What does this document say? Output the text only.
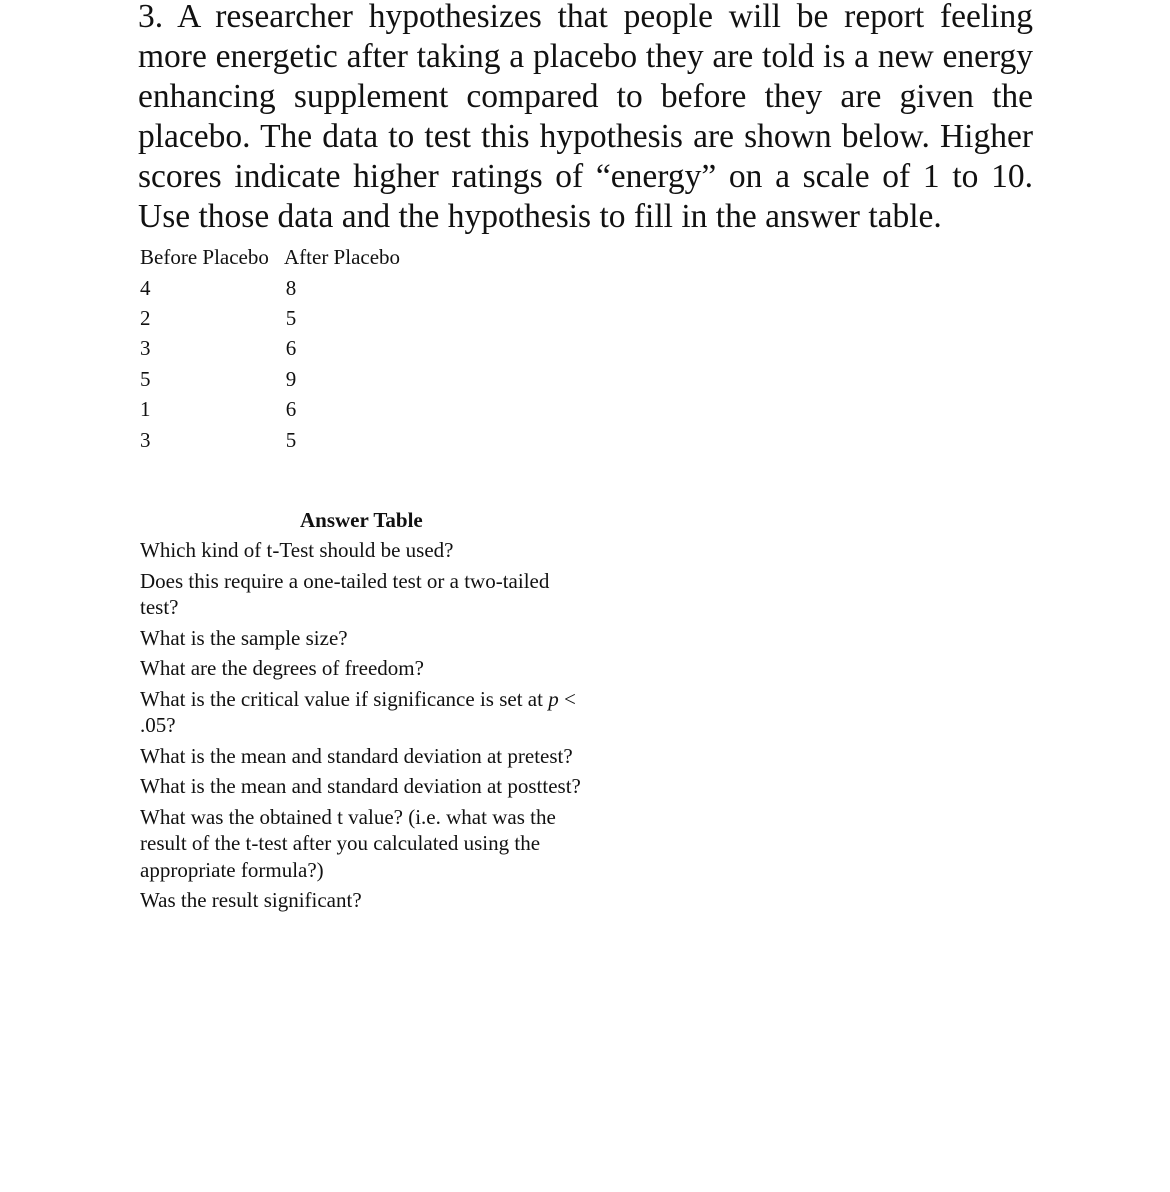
3. A researcher hypothesizes that people will be report feeling more energetic after taking a placebo they are told is a new energy enhancing supplement compared to before they are given the placebo. The data to test this hypothesis are shown below. Higher scores indicate higher ratings of “energy” on a scale of 1 to 10. Use those data and the hypothesis to fill in the answer table.

Before Placebo	After Placebo
4	8
2	5
3	6
5	9
1	6
3	5
Answer Table
Which kind of t-Test should be used?
Does this require a one-tailed test or a two-tailed test?
What is the sample size?
What are the degrees of freedom?
What is the critical value if significance is set at p < .05?
What is the mean and standard deviation at pretest?
What is the mean and standard deviation at posttest?
What was the obtained t value? (i.e. what was the result of the t-test after you calculated using the appropriate formula?)
Was the result significant?
